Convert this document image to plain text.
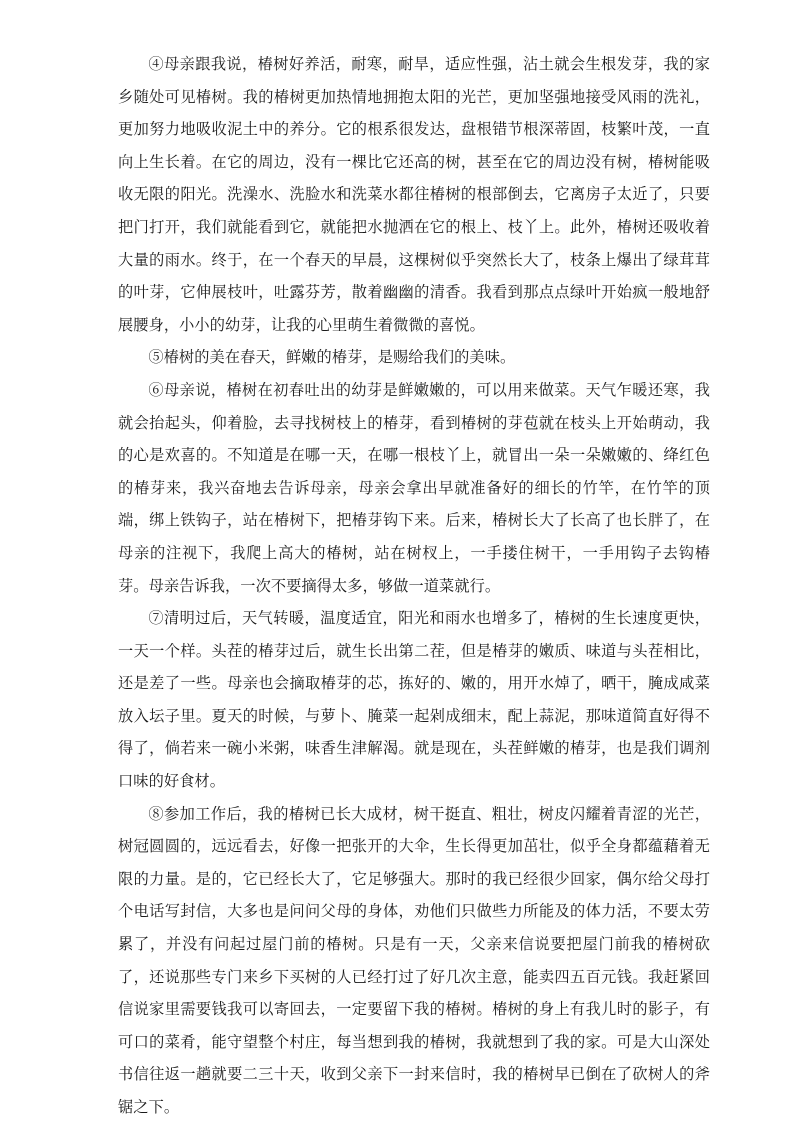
④母亲跟我说，椿树好养活，耐寒，耐旱，适应性强，沾土就会生根发芽，我的家乡随处可见椿树。我的椿树更加热情地拥抱太阳的光芒，更加坚强地接受风雨的洗礼，更加努力地吸收泥土中的养分。它的根系很发达，盘根错节根深蒂固，枝繁叶茂，一直向上生长着。在它的周边，没有一棵比它还高的树，甚至在它的周边没有树，椿树能吸收无限的阳光。洗澡水、洗脸水和洗菜水都往椿树的根部倒去，它离房子太近了，只要把门打开，我们就能看到它，就能把水抛洒在它的根上、枝丫上。此外，椿树还吸收着大量的雨水。终于，在一个春天的早晨，这棵树似乎突然长大了，枝条上爆出了绿茸茸的叶芽，它伸展枝叶，吐露芬芳，散着幽幽的清香。我看到那点点绿叶开始疯一般地舒展腰身，小小的幼芽，让我的心里萌生着微微的喜悦。

⑤椿树的美在春天，鲜嫩的椿芽，是赐给我们的美味。

⑥母亲说，椿树在初春吐出的幼芽是鲜嫩嫩的，可以用来做菜。天气乍暖还寒，我就会抬起头，仰着脸，去寻找树枝上的椿芽，看到椿树的芽苞就在枝头上开始萌动，我的心是欢喜的。不知道是在哪一天，在哪一根枝丫上，就冒出一朵一朵嫩嫩的、绛红色的椿芽来，我兴奋地去告诉母亲，母亲会拿出早就准备好的细长的竹竿，在竹竿的顶端，绑上铁钩子，站在椿树下，把椿芽钩下来。后来，椿树长大了长高了也长胖了，在母亲的注视下，我爬上高大的椿树，站在树杈上，一手搂住树干，一手用钩子去钩椿芽。母亲告诉我，一次不要摘得太多，够做一道菜就行。

⑦清明过后，天气转暖，温度适宜，阳光和雨水也增多了，椿树的生长速度更快，一天一个样。头茬的椿芽过后，就生长出第二茬，但是椿芽的嫩质、味道与头茬相比，还是差了一些。母亲也会摘取椿芽的芯，拣好的、嫩的，用开水焯了，晒干，腌成咸菜放入坛子里。夏天的时候，与萝卜、腌菜一起剁成细末，配上蒜泥，那味道简直好得不得了，倘若来一碗小米粥，味香生津解渴。就是现在，头茬鲜嫩的椿芽，也是我们调剂口味的好食材。

⑧参加工作后，我的椿树已长大成材，树干挺直、粗壮，树皮闪耀着青涩的光芒，树冠圆圆的，远远看去，好像一把张开的大伞，生长得更加茁壮，似乎全身都蕴藉着无限的力量。是的，它已经长大了，它足够强大。那时的我已经很少回家，偶尔给父母打个电话写封信，大多也是问问父母的身体，劝他们只做些力所能及的体力活，不要太劳累了，并没有问起过屋门前的椿树。只是有一天，父亲来信说要把屋门前我的椿树砍了，还说那些专门来乡下买树的人已经打过了好几次主意，能卖四五百元钱。我赶紧回信说家里需要钱我可以寄回去，一定要留下我的椿树。椿树的身上有我儿时的影子，有可口的菜肴，能守望整个村庄，每当想到我的椿树，我就想到了我的家。可是大山深处书信往返一趟就要二三十天，收到父亲下一封来信时，我的椿树早已倒在了砍树人的斧锯之下。
